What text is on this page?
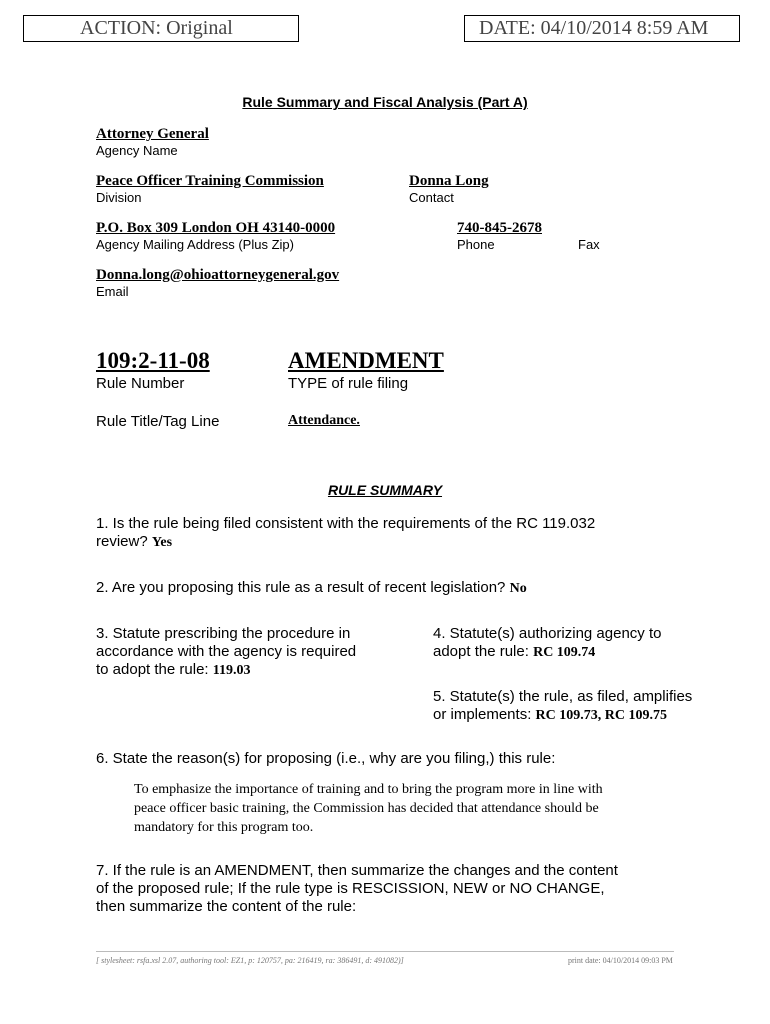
ACTION: Original	DATE: 04/10/2014 8:59 AM
Rule Summary and Fiscal Analysis (Part A)
Attorney General
Agency Name
Peace Officer Training Commission
Division
Donna Long
Contact
P.O. Box 309 London OH 43140-0000
Agency Mailing Address (Plus Zip)
740-845-2678
Phone	Fax
Donna.long@ohioattorneygeneral.gov
Email
109:2-11-08
Rule Number
AMENDMENT
TYPE of rule filing
Rule Title/Tag Line	Attendance.
RULE SUMMARY
1. Is the rule being filed consistent with the requirements of the RC 119.032
review? Yes
2. Are you proposing this rule as a result of recent legislation? No
3. Statute prescribing the procedure in
accordance with the agency is required
to adopt the rule: 119.03
4. Statute(s) authorizing agency to
adopt the rule: RC 109.74
5. Statute(s) the rule, as filed, amplifies
or implements: RC 109.73, RC 109.75
6. State the reason(s) for proposing (i.e., why are you filing,) this rule:
To emphasize the importance of training and to bring the program more in line with
peace officer basic training, the Commission has decided that attendance should be
mandatory for this program too.
7. If the rule is an AMENDMENT, then summarize the changes and the content
of the proposed rule; If the rule type is RESCISSION, NEW or NO CHANGE,
then summarize the content of the rule:
[ stylesheet: rsfa.xsl 2.07, authoring tool: EZ1, p: 120757, pa: 216419, ra: 386491, d: 491082)]	print date: 04/10/2014 09:03 PM
